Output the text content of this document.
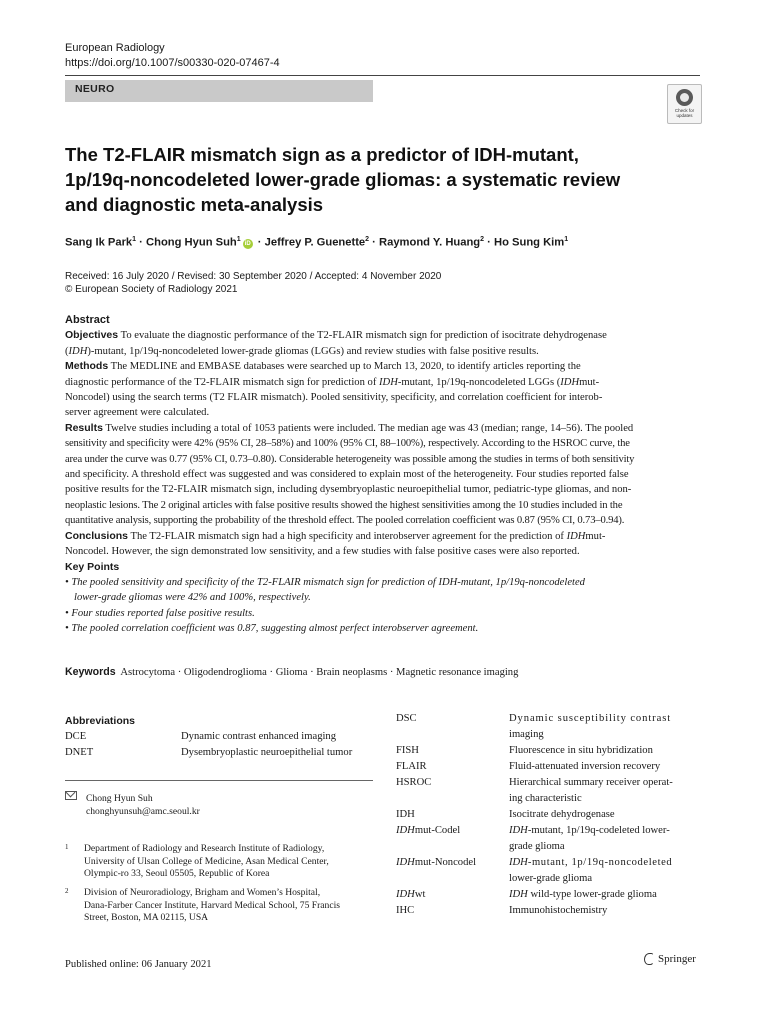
European Radiology
https://doi.org/10.1007/s00330-020-07467-4
NEURO
Check for
updates
The T2-FLAIR mismatch sign as a predictor of IDH-mutant,
1p/19q-noncodeleted lower-grade gliomas: a systematic review
and diagnostic meta-analysis
Sang Ik Park$^1$ · Chong Hyun Suh$^1$iD · Jeffrey P. Guenette$^2$ · Raymond Y. Huang$^2$ · Ho Sung Kim$^1$
Received: 16 July 2020 / Revised: 30 September 2020 / Accepted: 4 November 2020
© European Society of Radiology 2021

Abstract

Objectives To evaluate the diagnostic performance of the T2-FLAIR mismatch sign for prediction of isocitrate dehydrogenase

(IDH)-mutant, 1p/19q-noncodeleted lower-grade gliomas (LGGs) and review studies with false positive results.

Methods The MEDLINE and EMBASE databases were searched up to March 13, 2020, to identify articles reporting the

diagnostic performance of the T2-FLAIR mismatch sign for prediction of IDH-mutant, 1p/19q-noncodeleted LGGs (IDHmut-

Noncodel) using the search terms (T2 FLAIR mismatch). Pooled sensitivity, specificity, and correlation coefficient for interob-

server agreement were calculated.

Results Twelve studies including a total of 1053 patients were included. The median age was 43 (median; range, 14–56). The pooled

sensitivity and specificity were 42% (95% CI, 28–58%) and 100% (95% CI, 88–100%), respectively. According to the HSROC curve, the

area under the curve was 0.77 (95% CI, 0.73–0.80). Considerable heterogeneity was possible among the studies in terms of both sensitivity

and specificity. A threshold effect was suggested and was considered to explain most of the heterogeneity. Four studies reported false

positive results for the T2-FLAIR mismatch sign, including dysembryoplastic neuroepithelial tumor, pediatric-type gliomas, and non-

neoplastic lesions. The 2 original articles with false positive results showed the highest sensitivities among the 10 studies included in the

quantitative analysis, supporting the probability of the threshold effect. The pooled correlation coefficient was 0.87 (95% CI, 0.73–0.94).

Conclusions The T2-FLAIR mismatch sign had a high specificity and interobserver agreement for the prediction of IDHmut-

Noncodel. However, the sign demonstrated low sensitivity, and a few studies with false positive cases were also reported.

Key Points

• The pooled sensitivity and specificity of the T2-FLAIR mismatch sign for prediction of IDH-mutant, 1p/19q-noncodeleted

lower-grade gliomas were 42% and 100%, respectively.

• Four studies reported false positive results.

• The pooled correlation coefficient was 0.87, suggesting almost perfect interobserver agreement.

Keywords Astrocytoma · Oligodendroglioma · Glioma · Brain neoplasms · Magnetic resonance imaging
Abbreviations
DCE	Dynamic contrast enhanced imaging
DNET	Dysembryoplastic neuroepithelial tumor
DSC	Dynamic susceptibility contrast
imaging
FISH	Fluorescence in situ hybridization
FLAIR	Fluid-attenuated inversion recovery
HSROC	Hierarchical summary receiver operat-
ing characteristic
IDH	Isocitrate dehydrogenase
IDHmut-Codel	IDH-mutant, 1p/19q-codeleted lower-
grade glioma
IDHmut-Noncodel	IDH-mutant, 1p/19q-noncodeleted
lower-grade glioma
IDHwt	IDH wild-type lower-grade glioma
IHC	Immunohistochemistry
Chong Hyun Suh
chonghyunsuh@amc.seoul.kr
1 Department of Radiology and Research Institute of Radiology,
University of Ulsan College of Medicine, Asan Medical Center,
Olympic-ro 33, Seoul 05505, Republic of Korea
2 Division of Neuroradiology, Brigham and Women’s Hospital,
Dana-Farber Cancer Institute, Harvard Medical School, 75 Francis
Street, Boston, MA 02115, USA
Published online: 06 January 2021	Springer
